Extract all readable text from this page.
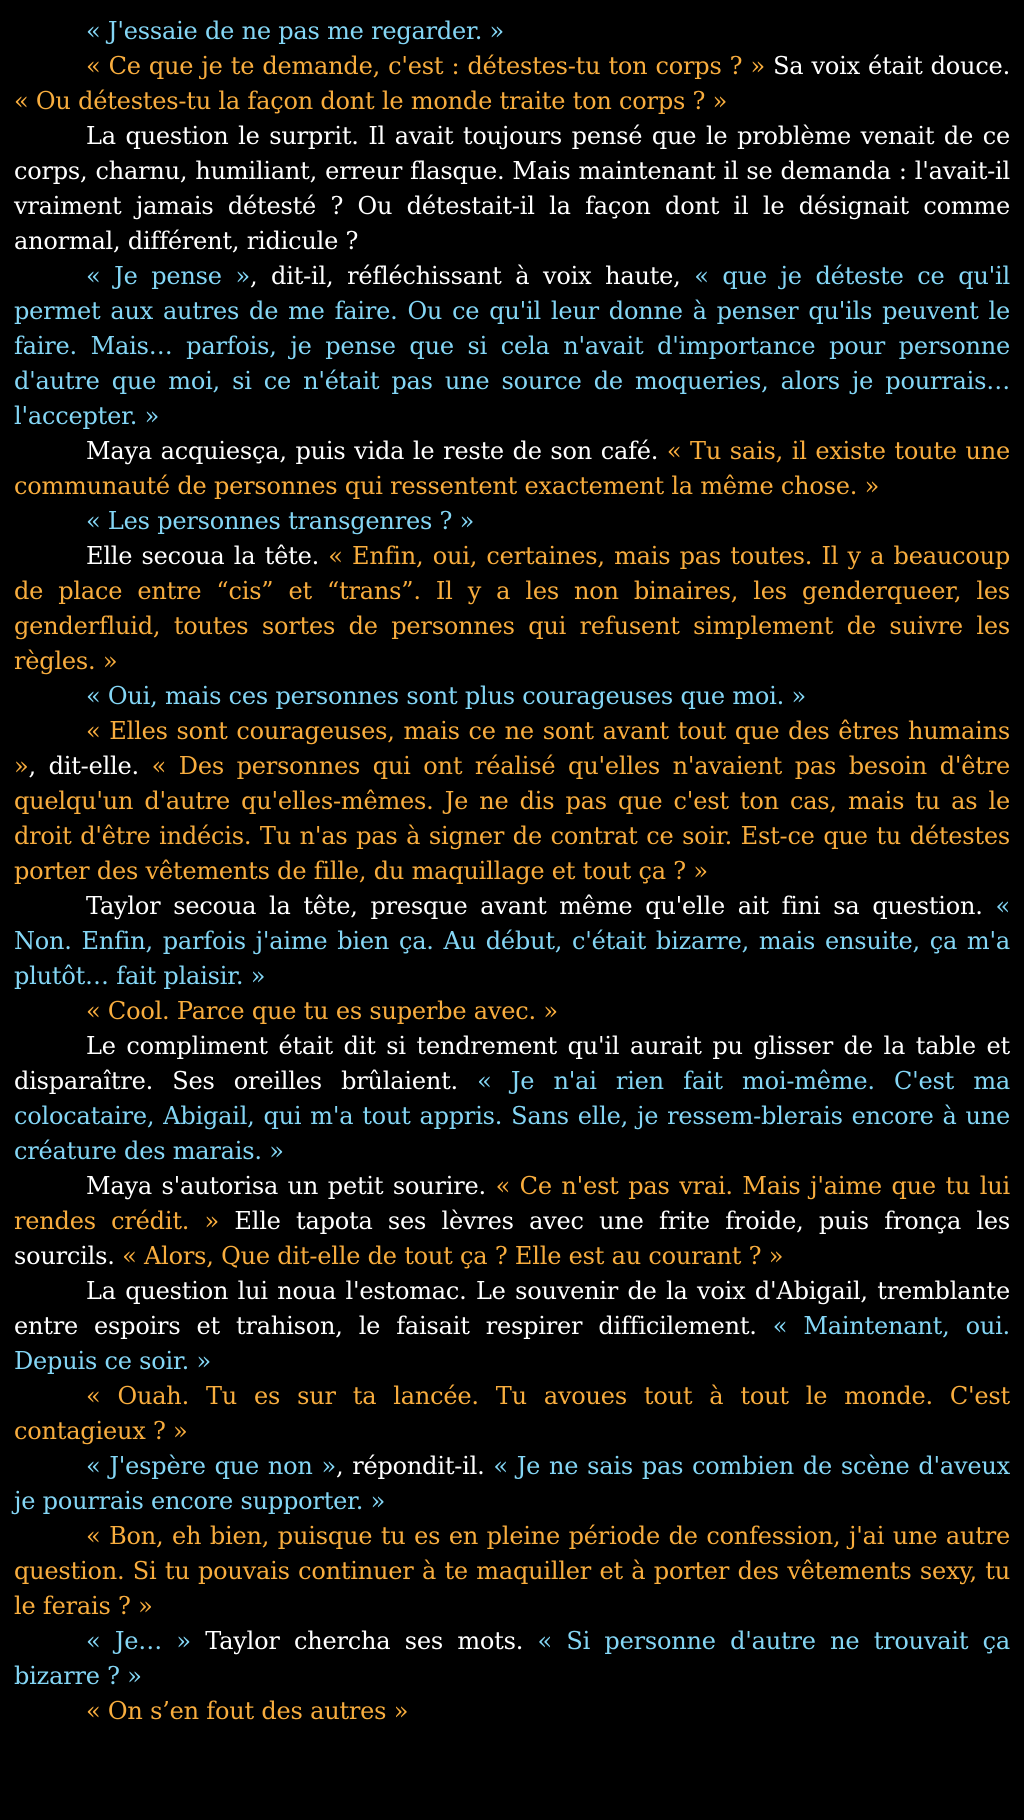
« J'essaie de ne pas me regarder. »

« Ce que je te demande, c'est : détestes-tu ton corps ? » Sa voix était douce. « Ou détestes-tu la façon dont le monde traite ton corps ? »

La question le surprit. Il avait toujours pensé que le problème venait de ce corps, charnu, humiliant, erreur flasque. Mais maintenant il se demanda : l'avait-il vraiment jamais détesté ? Ou détestait-il la façon dont il le désignait comme anormal, différent, ridicule ?

« Je pense », dit-il, réfléchissant à voix haute, « que je déteste ce qu'il permet aux autres de me faire. Ou ce qu'il leur donne à penser qu'ils peuvent le faire. Mais… parfois, je pense que si cela n'avait d'importance pour personne d'autre que moi, si ce n'était pas une source de moqueries, alors je pourrais… l'accepter. »

Maya acquiesça, puis vida le reste de son café. « Tu sais, il existe toute une communauté de personnes qui ressentent exactement la même chose. »

« Les personnes transgenres ? »

Elle secoua la tête. « Enfin, oui, certaines, mais pas toutes. Il y a beaucoup de place entre “cis” et “trans”. Il y a les non binaires, les genderqueer, les genderfluid, toutes sortes de personnes qui refusent simplement de suivre les règles. »

« Oui, mais ces personnes sont plus courageuses que moi. »

« Elles sont courageuses, mais ce ne sont avant tout que des êtres humains », dit-elle. « Des personnes qui ont réalisé qu'elles n'avaient pas besoin d'être quelqu'un d'autre qu'elles-mêmes. Je ne dis pas que c'est ton cas, mais tu as le droit d'être indécis. Tu n'as pas à signer de contrat ce soir. Est-ce que tu détestes porter des vêtements de fille, du maquillage et tout ça ? »

Taylor secoua la tête, presque avant même qu'elle ait fini sa question. « Non. Enfin, parfois j'aime bien ça. Au début, c'était bizarre, mais ensuite, ça m'a plutôt… fait plaisir. »

« Cool. Parce que tu es superbe avec. »

Le compliment était dit si tendrement qu'il aurait pu glisser de la table et disparaître. Ses oreilles brûlaient. « Je n'ai rien fait moi-même. C'est ma colocataire, Abigail, qui m'a tout appris. Sans elle, je ressem-blerais encore à une créature des marais. »

Maya s'autorisa un petit sourire. « Ce n'est pas vrai. Mais j'aime que tu lui rendes crédit. » Elle tapota ses lèvres avec une frite froide, puis fronça les sourcils. « Alors, Que dit-elle de tout ça ? Elle est au courant ? »

La question lui noua l'estomac. Le souvenir de la voix d'Abigail, tremblante entre espoirs et trahison, le faisait respirer difficilement. « Maintenant, oui. Depuis ce soir. »

« Ouah. Tu es sur ta lancée. Tu avoues tout à tout le monde. C'est contagieux ? »

« J'espère que non », répondit-il. « Je ne sais pas combien de scène d'aveux je pourrais encore supporter. »

« Bon, eh bien, puisque tu es en pleine période de confession, j'ai une autre question. Si tu pouvais continuer à te maquiller et à porter des vêtements sexy, tu le ferais ? »

« Je… » Taylor chercha ses mots. « Si personne d'autre ne trouvait ça bizarre ? »

« On s’en fout des autres »
